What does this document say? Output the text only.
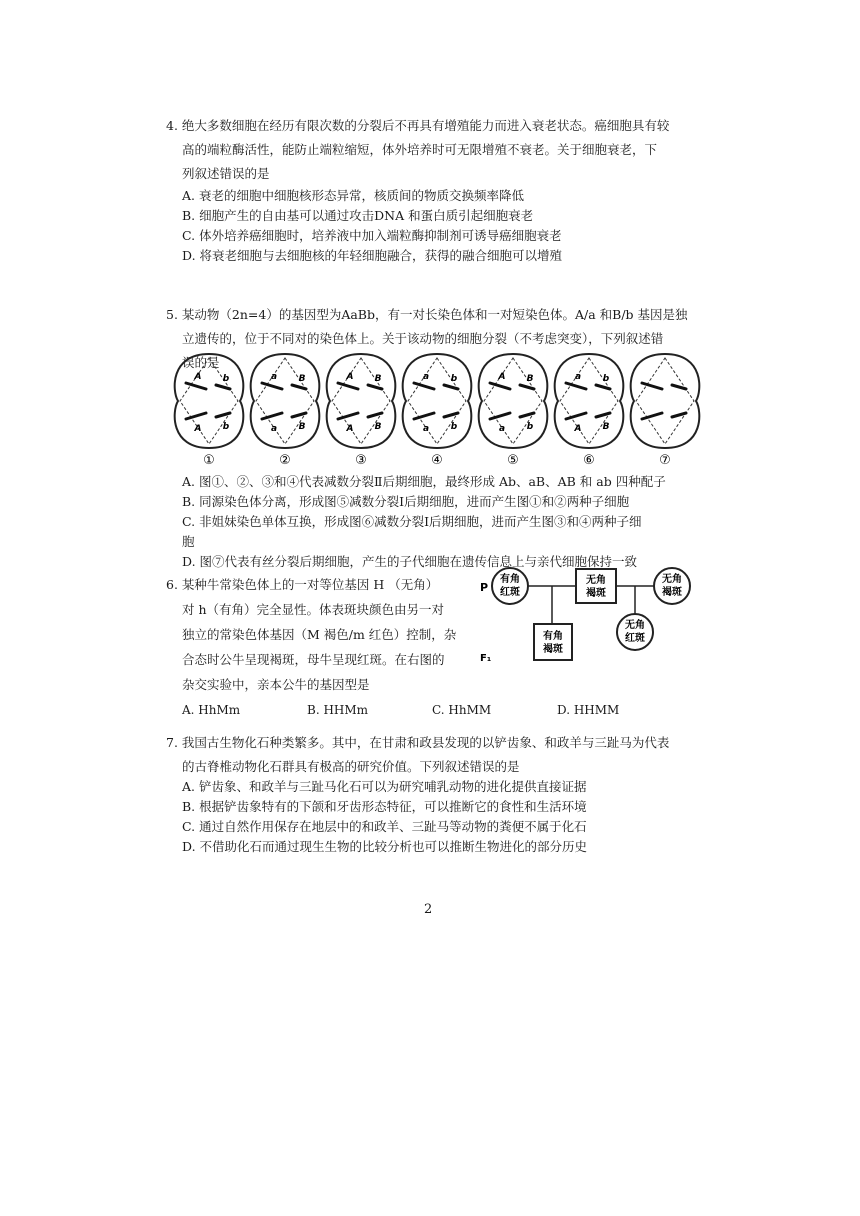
4. 绝大多数细胞在经历有限次数的分裂后不再具有增殖能力而进入衰老状态。癌细胞具有较

高的端粒酶活性，能防止端粒缩短，体外培养时可无限增殖不衰老。关于细胞衰老，下

列叙述错误的是

A. 衰老的细胞中细胞核形态异常，核质间的物质交换频率降低

B. 细胞产生的自由基可以通过攻击DNA 和蛋白质引起细胞衰老

C. 体外培养癌细胞时，培养液中加入端粒酶抑制剂可诱导癌细胞衰老

D. 将衰老细胞与去细胞核的年轻细胞融合，获得的融合细胞可以增殖

5. 某动物（2n=4）的基因型为AaBb，有一对长染色体和一对短染色体。A/a 和B/b 基因是独

立遗传的，位于不同对的染色体上。关于该动物的细胞分裂（不考虑突变），下列叙述错

误的是

A b
A b
①
a B
a B
②
A B
A B
③
a b
a b
④
A B
a b
⑤
a b
A B
⑥	⑦

A. 图①、②、③和④代表减数分裂Ⅱ后期细胞，最终形成 Ab、aB、AB 和 ab 四种配子

B. 同源染色体分离，形成图⑤减数分裂Ⅰ后期细胞，进而产生图①和②两种子细胞

C. 非姐妹染色单体互换，形成图⑥减数分裂Ⅰ后期细胞，进而产生图③和④两种子细

胞

D. 图⑦代表有丝分裂后期细胞，产生的子代细胞在遗传信息上与亲代细胞保持一致

6. 某种牛常染色体上的一对等位基因 H （无角）

对 h（有角）完全显性。体表斑块颜色由另一对

独立的常染色体基因（M 褐色/m 红色）控制，杂

合态时公牛呈现褐斑，母牛呈现红斑。在右图的

杂交实验中，亲本公牛的基因型是

P
F₁
有角
红斑
无角
褐斑
无角
褐斑
有角
褐斑
无角
红斑
A. HhMm	B. HHMm	C. HhMM	D. HHMM

7. 我国古生物化石种类繁多。其中，在甘肃和政县发现的以铲齿象、和政羊与三趾马为代表

的古脊椎动物化石群具有极高的研究价值。下列叙述错误的是

A. 铲齿象、和政羊与三趾马化石可以为研究哺乳动物的进化提供直接证据

B. 根据铲齿象特有的下颌和牙齿形态特征，可以推断它的食性和生活环境

C. 通过自然作用保存在地层中的和政羊、三趾马等动物的粪便不属于化石

D. 不借助化石而通过现生生物的比较分析也可以推断生物进化的部分历史

2
